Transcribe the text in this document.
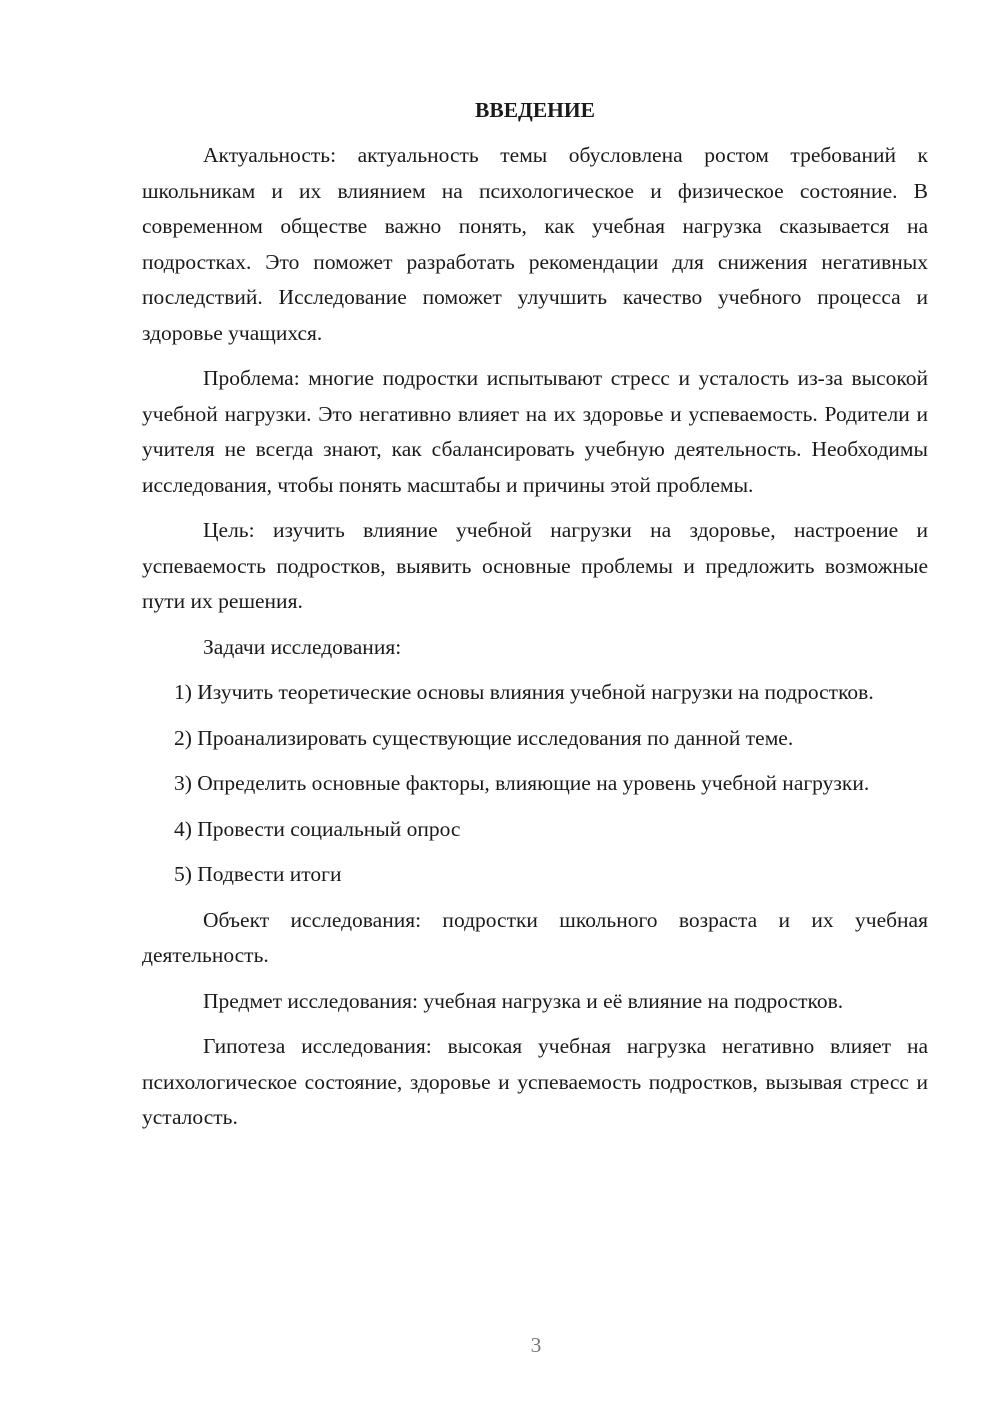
ВВЕДЕНИЕ

Актуальность: актуальность темы обусловлена ростом требований к школьникам и их влиянием на психологическое и физическое состояние. В современном обществе важно понять, как учебная нагрузка сказывается на подростках. Это поможет разработать рекомендации для снижения негативных последствий. Исследование поможет улучшить качество учебного процесса и здоровье учащихся.

Проблема: многие подростки испытывают стресс и усталость из-за высокой учебной нагрузки. Это негативно влияет на их здоровье и успеваемость. Родители и учителя не всегда знают, как сбалансировать учебную деятельность. Необходимы исследования, чтобы понять масштабы и причины этой проблемы.

Цель: изучить влияние учебной нагрузки на здоровье, настроение и успеваемость подростков, выявить основные проблемы и предложить возможные пути их решения.

Задачи исследования:

1) Изучить теоретические основы влияния учебной нагрузки на подростков.

2) Проанализировать существующие исследования по данной теме.

3) Определить основные факторы, влияющие на уровень учебной нагрузки.

4) Провести социальный опрос

5) Подвести итоги

Объект исследования: подростки школьного возраста и их учебная деятельность.

Предмет исследования: учебная нагрузка и её влияние на подростков.

Гипотеза исследования: высокая учебная нагрузка негативно влияет на психологическое состояние, здоровье и успеваемость подростков, вызывая стресс и усталость.

3
